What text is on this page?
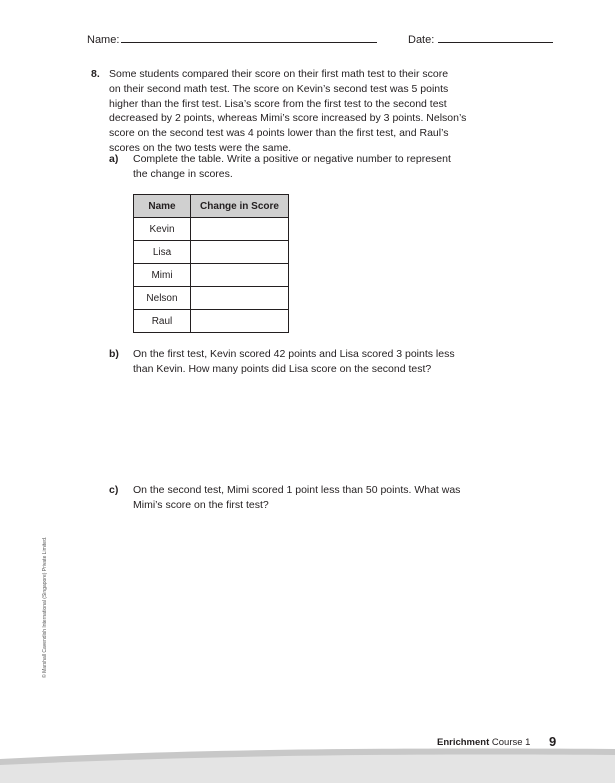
Name:	Date:
8. Some students compared their score on their first math test to their score
on their second math test. The score on Kevin’s second test was 5 points
higher than the first test. Lisa’s score from the first test to the second test
decreased by 2 points, whereas Mimi’s score increased by 3 points. Nelson’s
score on the second test was 4 points lower than the first test, and Raul’s
scores on the two tests were the same.
a) Complete the table. Write a positive or negative number to represent
the change in scores.
Name	Change in Score
Kevin	
Lisa	
Mimi	
Nelson	
Raul	
b) On the first test, Kevin scored 42 points and Lisa scored 3 points less
than Kevin. How many points did Lisa score on the second test?
c) On the second test, Mimi scored 1 point less than 50 points. What was
Mimi’s score on the first test?
© Marshall Cavendish International (Singapore) Private Limited.
Enrichment Course 1 9
